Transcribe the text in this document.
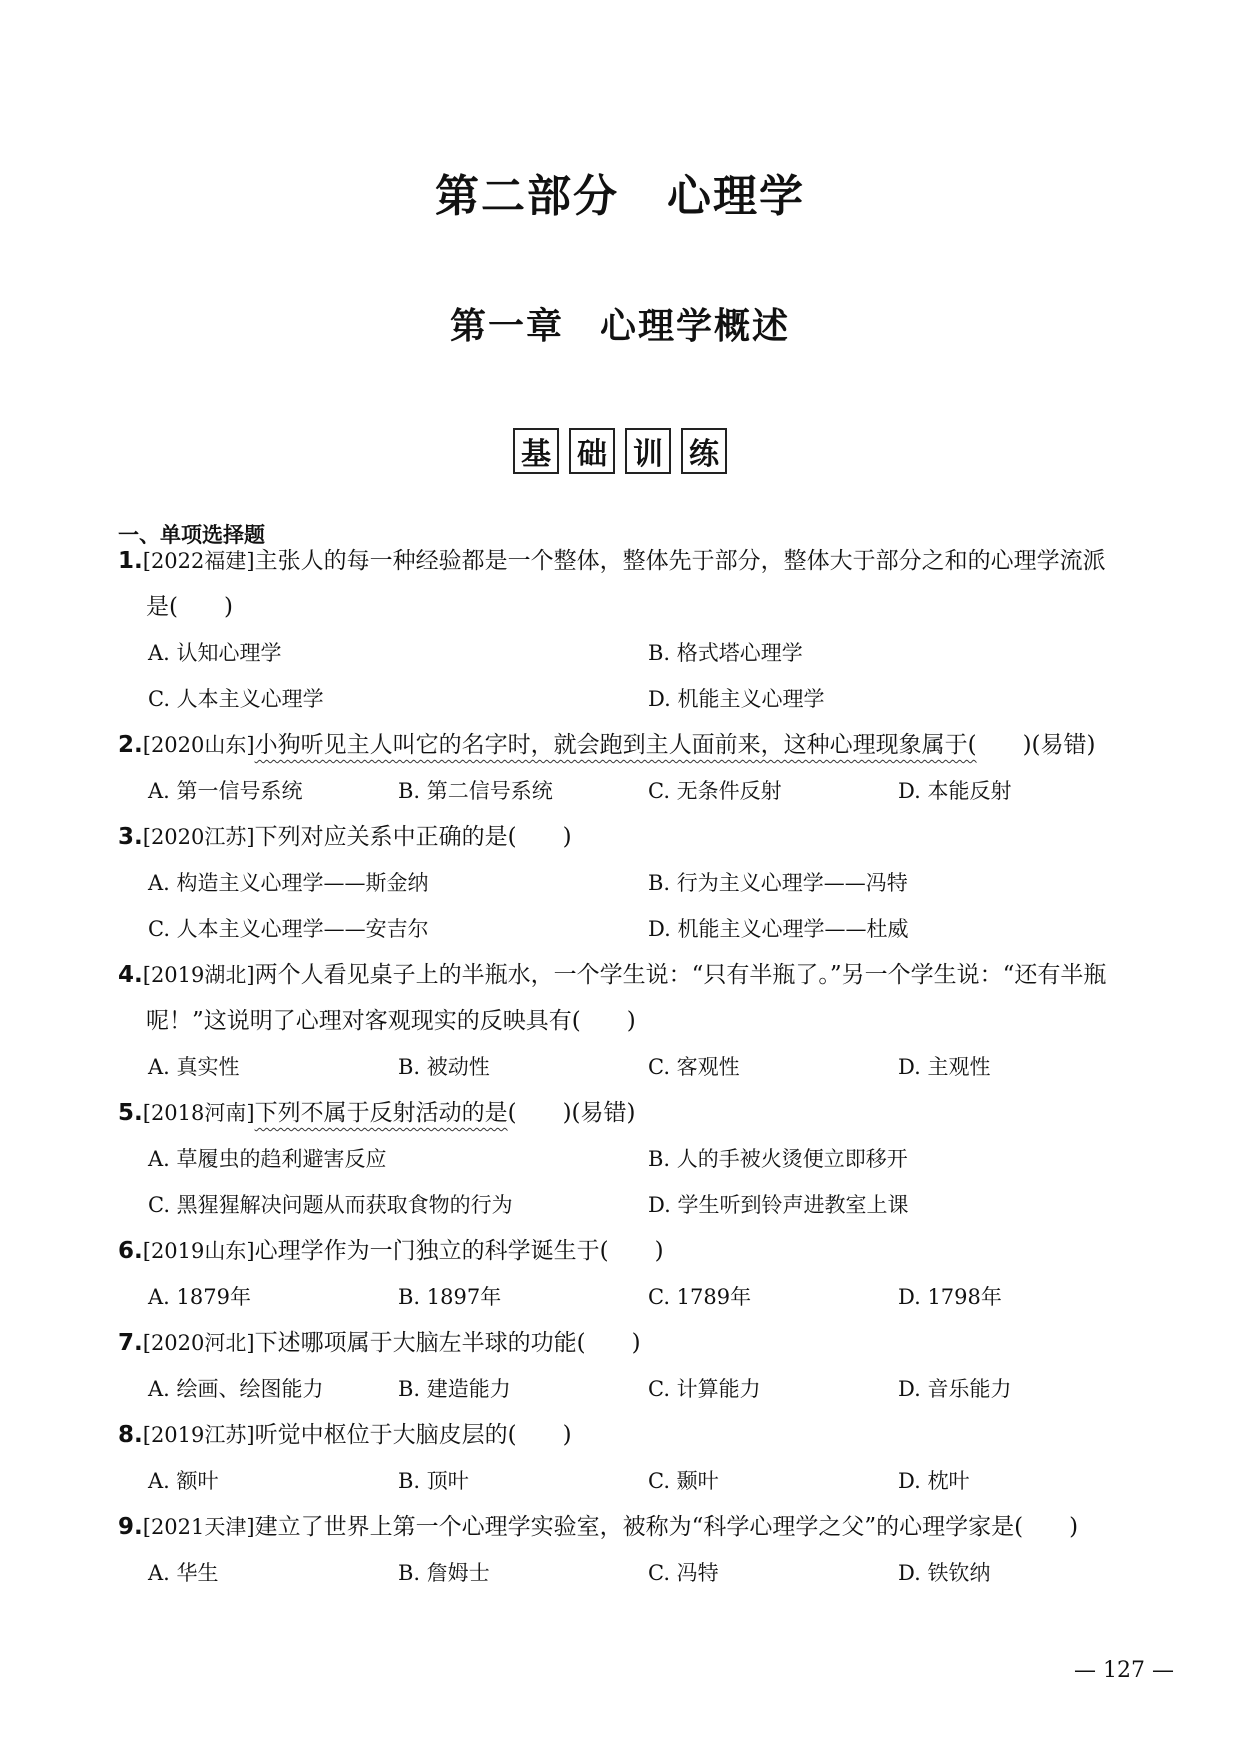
第二部分 心理学
第一章 心理学概述
基 础 训 练
一、单项选择题
1.[2022福建]主张人的每一种经验都是一个整体，整体先于部分，整体大于部分之和的心理学流派
是(　　)
A. 认知心理学	B. 格式塔心理学
C. 人本主义心理学	D. 机能主义心理学
2.[2020山东]小狗听见主人叫它的名字时，就会跑到主人面前来，这种心理现象属于(　　)(易错)
A. 第一信号系统	B. 第二信号系统	C. 无条件反射	D. 本能反射
3.[2020江苏]下列对应关系中正确的是(　　)
A. 构造主义心理学——斯金纳	B. 行为主义心理学——冯特
C. 人本主义心理学——安吉尔	D. 机能主义心理学——杜威
4.[2019湖北]两个人看见桌子上的半瓶水，一个学生说：“只有半瓶了。”另一个学生说：“还有半瓶
呢！”这说明了心理对客观现实的反映具有(　　)
A. 真实性	B. 被动性	C. 客观性	D. 主观性
5.[2018河南]下列不属于反射活动的是(　　)(易错)
A. 草履虫的趋利避害反应	B. 人的手被火烫便立即移开
C. 黑猩猩解决问题从而获取食物的行为	D. 学生听到铃声进教室上课
6.[2019山东]心理学作为一门独立的科学诞生于(　　)
A. 1879年	B. 1897年	C. 1789年	D. 1798年
7.[2020河北]下述哪项属于大脑左半球的功能(　　)
A. 绘画、绘图能力	B. 建造能力	C. 计算能力	D. 音乐能力
8.[2019江苏]听觉中枢位于大脑皮层的(　　)
A. 额叶	B. 顶叶	C. 颞叶	D. 枕叶
9.[2021天津]建立了世界上第一个心理学实验室，被称为“科学心理学之父”的心理学家是(　　)
A. 华生	B. 詹姆士	C. 冯特	D. 铁钦纳
— 127 —
